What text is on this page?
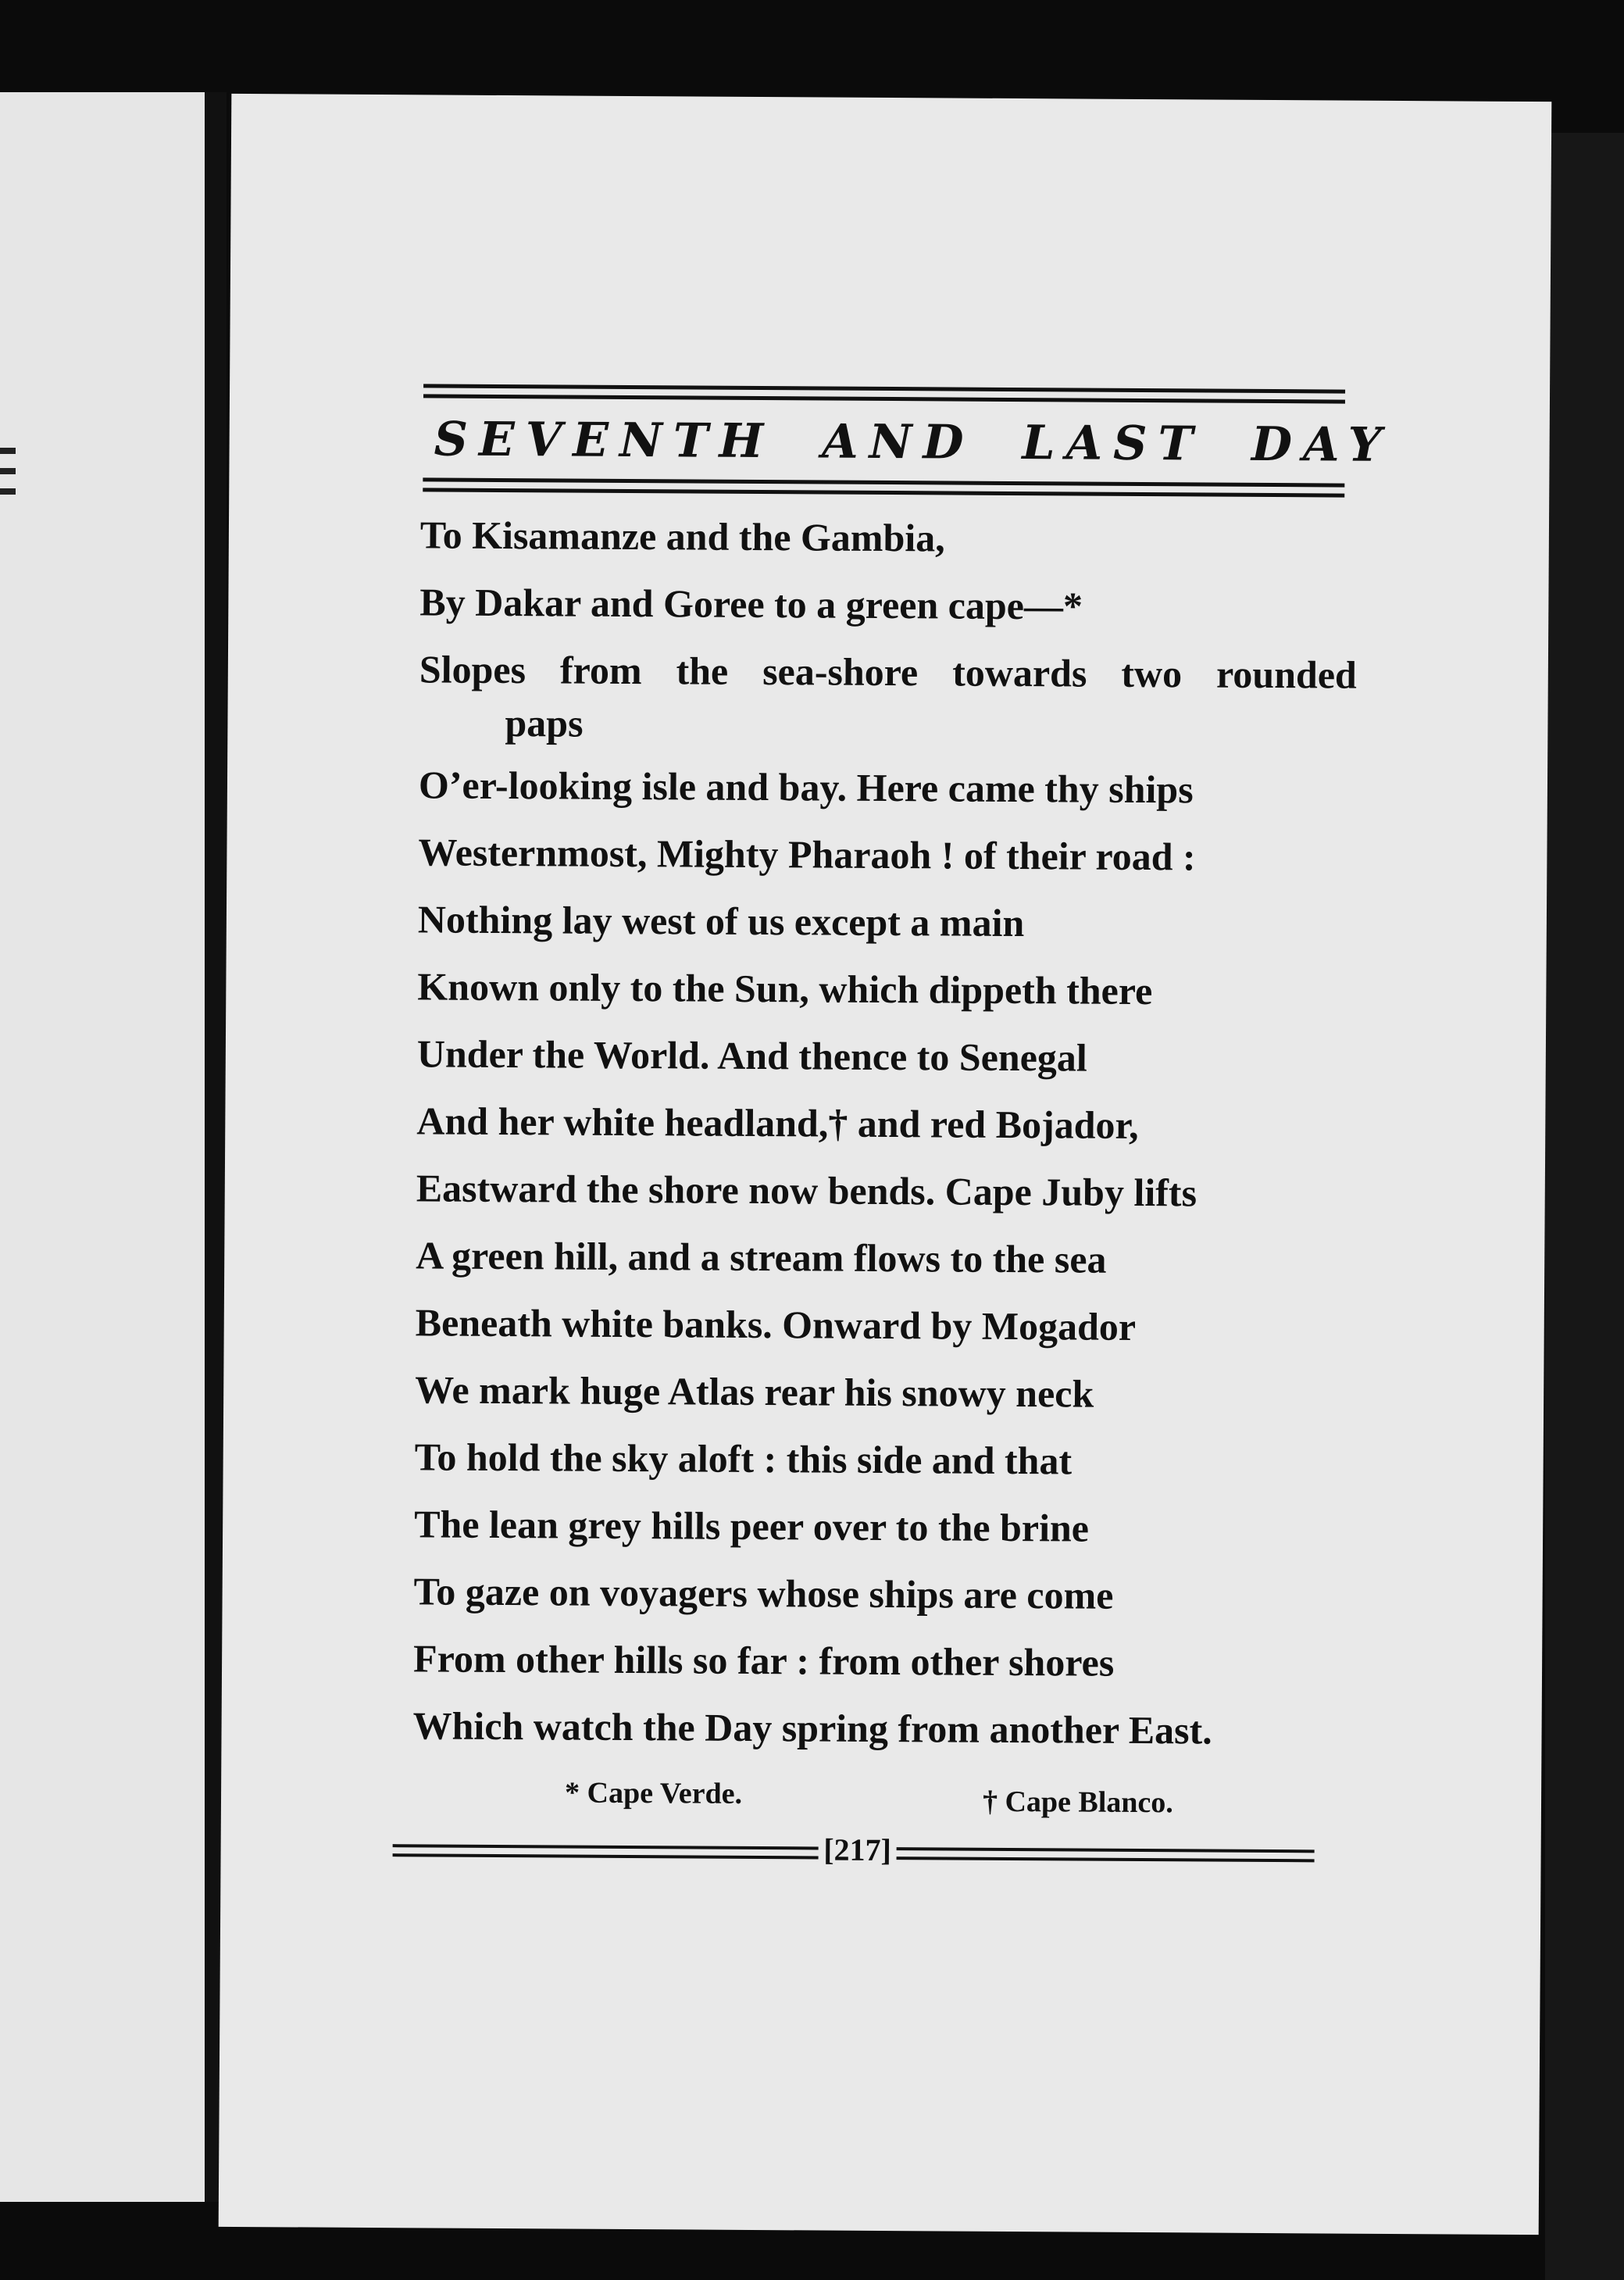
SEVENTH AND LAST DAY
To Kisamanze and the Gambia,
By Dakar and Goree to a green cape—*
Slopes from the sea-shore towards two rounded
paps
O’er-looking isle and bay. Here came thy ships
Westernmost, Mighty Pharaoh ! of their road :
Nothing lay west of us except a main
Known only to the Sun, which dippeth there
Under the World. And thence to Senegal
And her white headland,† and red Bojador,
Eastward the shore now bends. Cape Juby lifts
A green hill, and a stream flows to the sea
Beneath white banks. Onward by Mogador
We mark huge Atlas rear his snowy neck
To hold the sky aloft : this side and that
The lean grey hills peer over to the brine
To gaze on voyagers whose ships are come
From other hills so far : from other shores
Which watch the Day spring from another East.
* Cape Verde.	† Cape Blanco.
[217]
